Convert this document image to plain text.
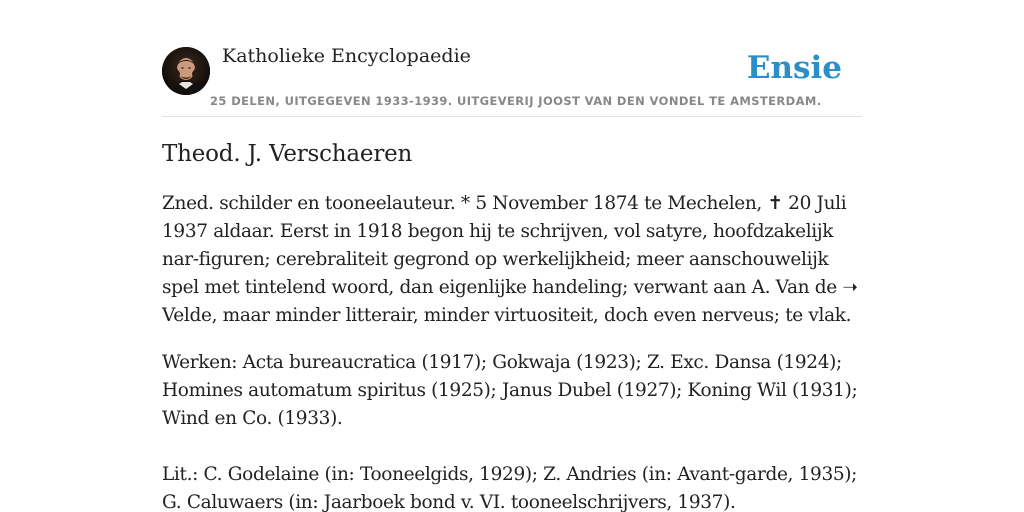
Katholieke Encyclopaedie	Ensie
25 DELEN, UITGEGEVEN 1933-1939. UITGEVERIJ JOOST VAN DEN VONDEL TE AMSTERDAM.
Theod. J. Verschaeren

Zned. schilder en tooneelauteur. * 5 November 1874 te Mechelen, ✝ 20 Juli 1937 aldaar. Eerst in 1918 begon hij te schrijven, vol satyre, hoofdzakelijk nar-figuren; cerebraliteit gegrond op werkelijkheid; meer aanschouwelijk spel met tintelend woord, dan eigenlijke handeling; verwant aan A. Van de ➝ Velde, maar minder litterair, minder virtuositeit, doch even nerveus; te vlak.

Werken: Acta bureaucratica (1917); Gokwaja (1923); Z. Exc. Dansa (1924); Homines automatum spiritus (1925); Janus Dubel (1927); Koning Wil (1931); Wind en Co. (1933).

Lit.: C. Godelaine (in: Tooneelgids, 1929); Z. Andries (in: Avant-garde, 1935); G. Caluwaers (in: Jaarboek bond v. VI. tooneelschrijvers, 1937).
